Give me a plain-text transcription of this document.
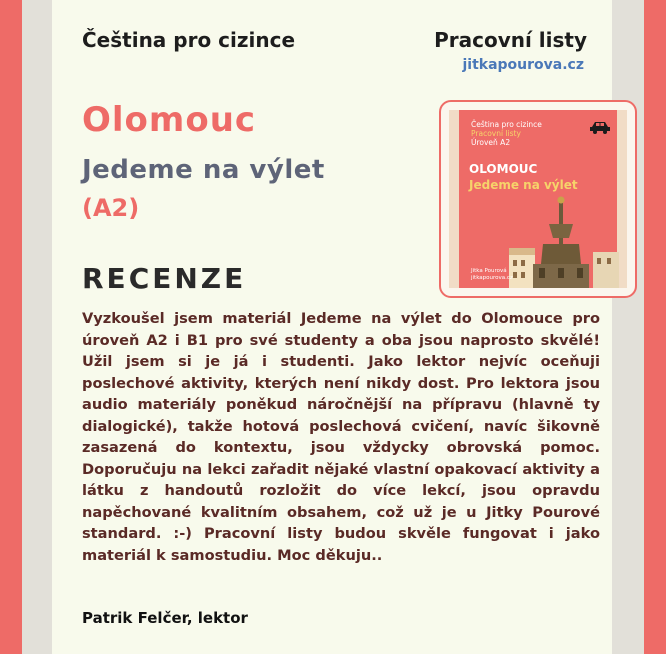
Čeština pro cizince	Pracovní listy
jitkapourova.cz
Olomouc
Jedeme na výlet
(A2)
Čeština pro cizince
Pracovní listy
Úroveň A2
OLOMOUC
Jedeme na výlet
Jitka Pourová
jitkapourova.cz
RECENZE

Vyzkoušel jsem materiál Jedeme na výlet do Olomouce pro úroveň A2 i B1 pro své studenty a oba jsou naprosto skvělé! Užil jsem si je já i studenti. Jako lektor nejvíc oceňuji poslechové aktivity, kterých není nikdy dost. Pro lektora jsou audio materiály poněkud náročnější na přípravu (hlavně ty dialogické), takže hotová poslechová cvičení, navíc šikovně zasazená do kontextu, jsou vždycky obrovská pomoc. Doporučuju na lekci zařadit nějaké vlastní opakovací aktivity a látku z handoutů rozložit do více lekcí, jsou opravdu napěchované kvalitním obsahem, což už je u Jitky Pourové standard. :-) Pracovní listy budou skvěle fungovat i jako materiál k samostudiu. Moc děkuju..

Patrik Felčer, lektor
